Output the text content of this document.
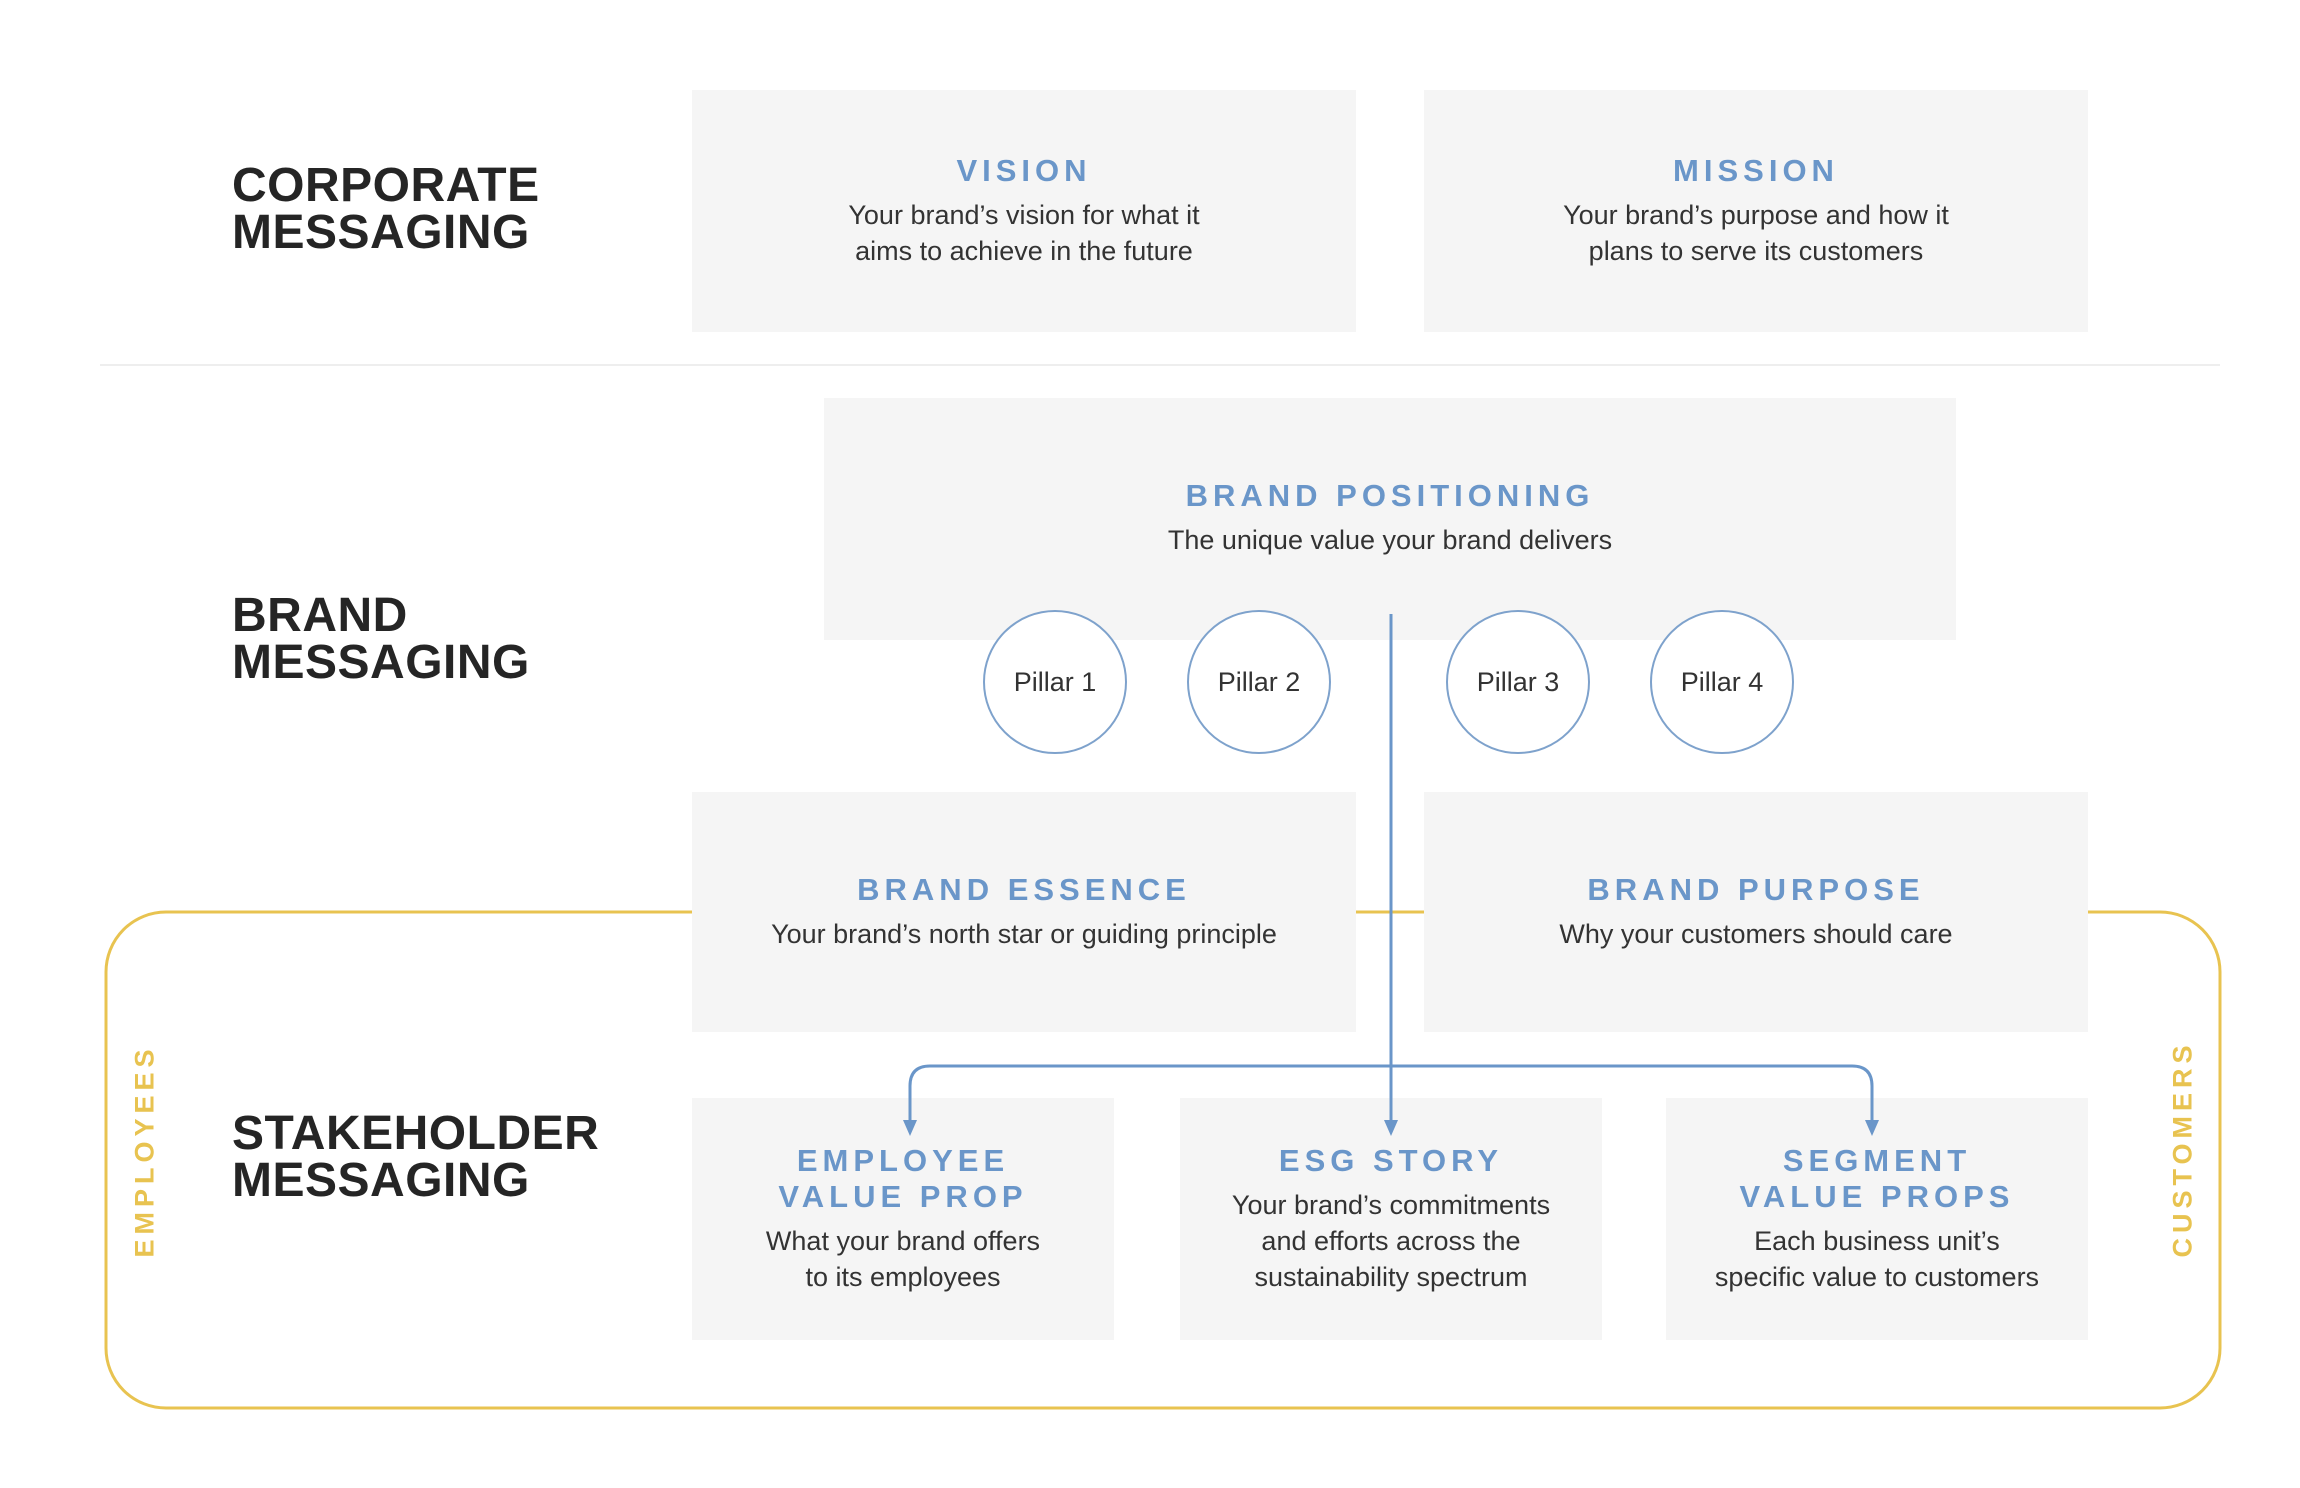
CORPORATE
MESSAGING
BRAND
MESSAGING
STAKEHOLDER
MESSAGING
VISION
Your brand’s vision for what it
aims to achieve in the future
MISSION
Your brand’s purpose and how it
plans to serve its customers
BRAND POSITIONING
The unique value your brand delivers
BRAND ESSENCE
Your brand’s north star or guiding principle
BRAND PURPOSE
Why your customers should care
EMPLOYEE
VALUE PROP
What your brand offers
to its employees
ESG STORY
Your brand’s commitments
and efforts across the
sustainability spectrum
SEGMENT
VALUE PROPS
Each business unit’s
specific value to customers
Pillar 1	Pillar 2	Pillar 3	Pillar 4
EMPLOYEES	CUSTOMERS
